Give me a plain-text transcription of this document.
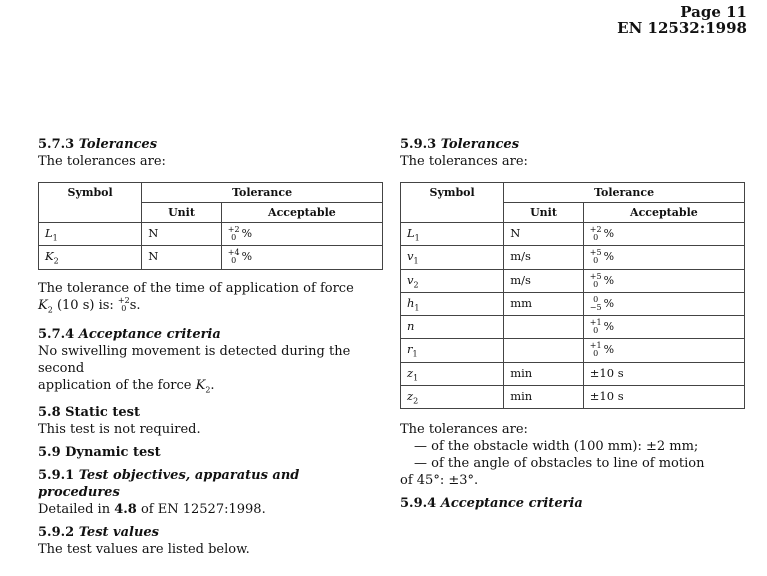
Page 11
EN 12532:1998

5.7.3 Tolerances

The tolerances are:

Symbol	Tolerance	
	Unit	Acceptable
$L_1$	N	+2
0 %
$K_2$	N	+4
0 %

The tolerance of the time of application of force

$K_2$ (10 s) is: +2
0 s.

5.7.4 Acceptance criteria

No swivelling movement is detected during the second

application of the force $K_2$.

5.8 Static test

This test is not required.

5.9 Dynamic test

5.9.1 Test objectives, apparatus and procedures

Detailed in 4.8 of EN 12527:1998.

5.9.2 Test values

The test values are listed below.

5.9.3 Tolerances

The tolerances are:

Symbol	Tolerance	
	Unit	Acceptable
$L_1$	N	+2
0 %
$v_1$	m/s	+5
0 %
$v_2$	m/s	+5
0 %
$h_1$	mm	0
−5 %
n		+1
0 %
$r_1$		+1
0 %
$z_1$	min	±10 s
$z_2$	min	±10 s

The tolerances are:

— of the obstacle width (100 mm): ±2 mm;

— of the angle of obstacles to line of motion

of 45°: ±3°.

5.9.4 Acceptance criteria
